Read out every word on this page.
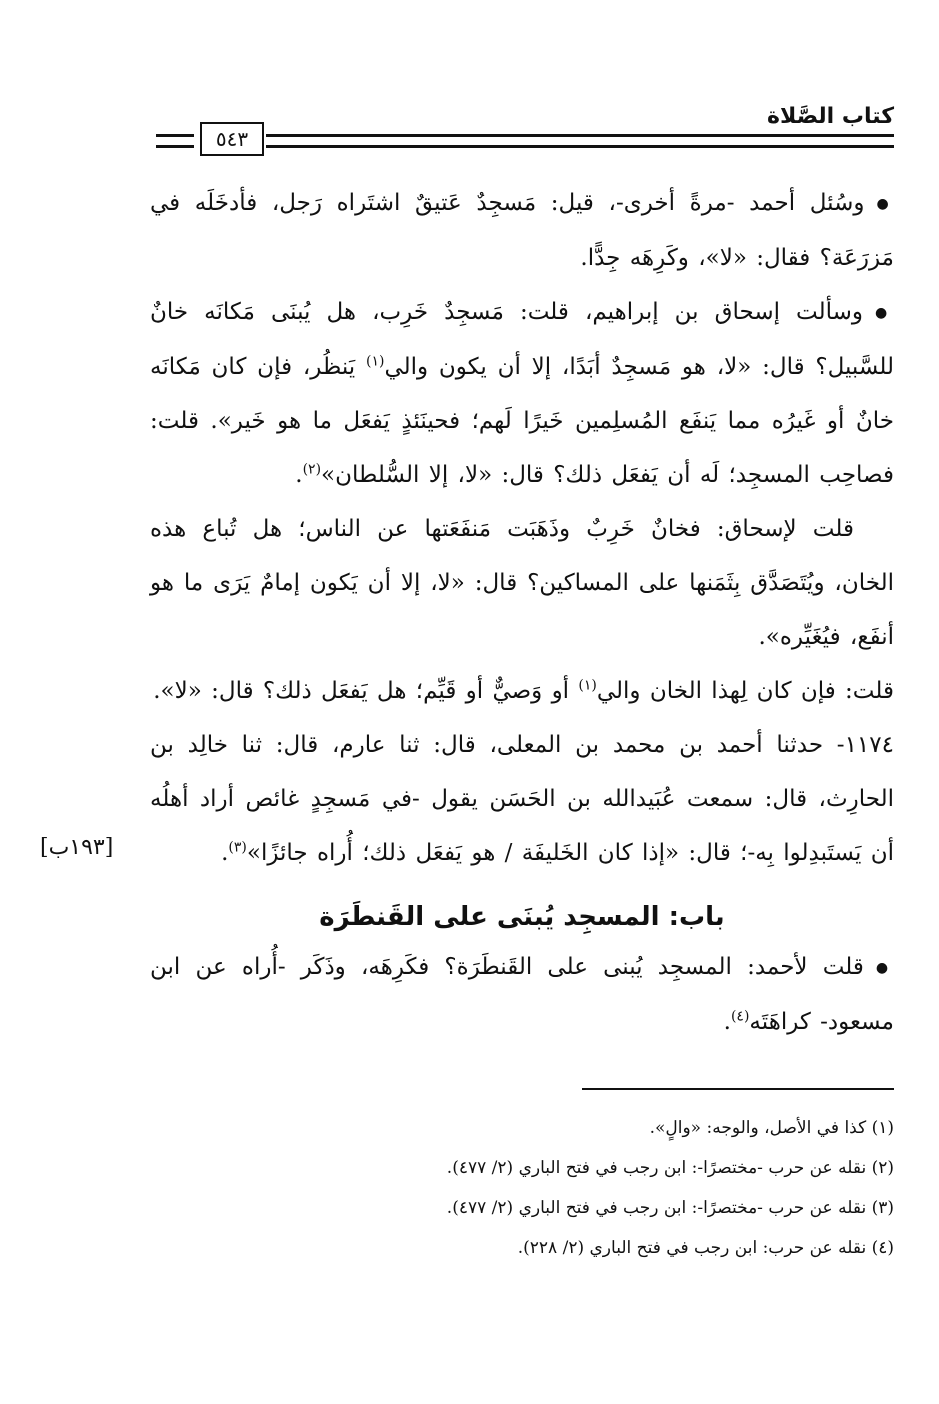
كتاب الصَّلاة
٥٤٣

● وسُئل أحمد -مرةً أخرى-، قيل: مَسجِدٌ عَتيقٌ اشتَراه رَجل، فأدخَلَه في مَزرَعَة؟ فقال: «لا»، وكَرِهَه جِدًّا.

● وسألت إسحاق بن إبراهيم، قلت: مَسجِدٌ خَرِب، هل يُبنَى مَكانَه خانٌ للسَّبيل؟ قال: «لا، هو مَسجِدٌ أبَدًا، إلا أن يكون والي$^{(١)}$ يَنظُر، فإن كان مَكانَه خانٌ أو غَيرُه مما يَنفَع المُسلِمين خَيرًا لَهم؛ فحينَئذٍ يَفعَل ما هو خَير». قلت: فصاحِب المسجِد؛ لَه أن يَفعَل ذلك؟ قال: «لا، إلا السُّلطان»$^{(٢)}$.

قلت لإسحاق: فخانٌ خَرِبٌ وذَهَبَت مَنفَعَتها عن الناس؛ هل تُباع هذه الخان، ويُتَصَدَّق بِثَمَنها على المساكين؟ قال: «لا، إلا أن يَكون إمامٌ يَرَى ما هو أنفَع، فيُغَيِّره».

قلت: فإن كان لِهذا الخان والي$^{(١)}$ أو وَصيٌّ أو قَيِّم؛ هل يَفعَل ذلك؟ قال: «لا».

١١٧٤- حدثنا أحمد بن محمد بن المعلى، قال: ثنا عارم، قال: ثنا خالِد بن الحارِث، قال: سمعت عُبَيدالله بن الحَسَن يقول -في مَسجِدٍ غائص أراد أهلُه أن يَستَبدِلوا بِه-؛ قال: «إذا كان الخَليفَة / هو يَفعَل ذلك؛ أُراه جائزًا»$^{(٣)}$.

باب: المسجِد يُبنَى على القَنطَرَة

● قلت لأحمد: المسجِد يُبنى على القَنطَرَة؟ فكَرِهَه، وذَكَر -أُراه عن ابن مسعود- كراهَتَه$^{(٤)}$.

[١٩٣ب]

(١) كذا في الأصل، والوجه: «والٍ».

(٢) نقله عن حرب -مختصرًا-: ابن رجب في فتح الباري (٢/ ٤٧٧).

(٣) نقله عن حرب -مختصرًا-: ابن رجب في فتح الباري (٢/ ٤٧٧).

(٤) نقله عن حرب: ابن رجب في فتح الباري (٢/ ٢٢٨).
